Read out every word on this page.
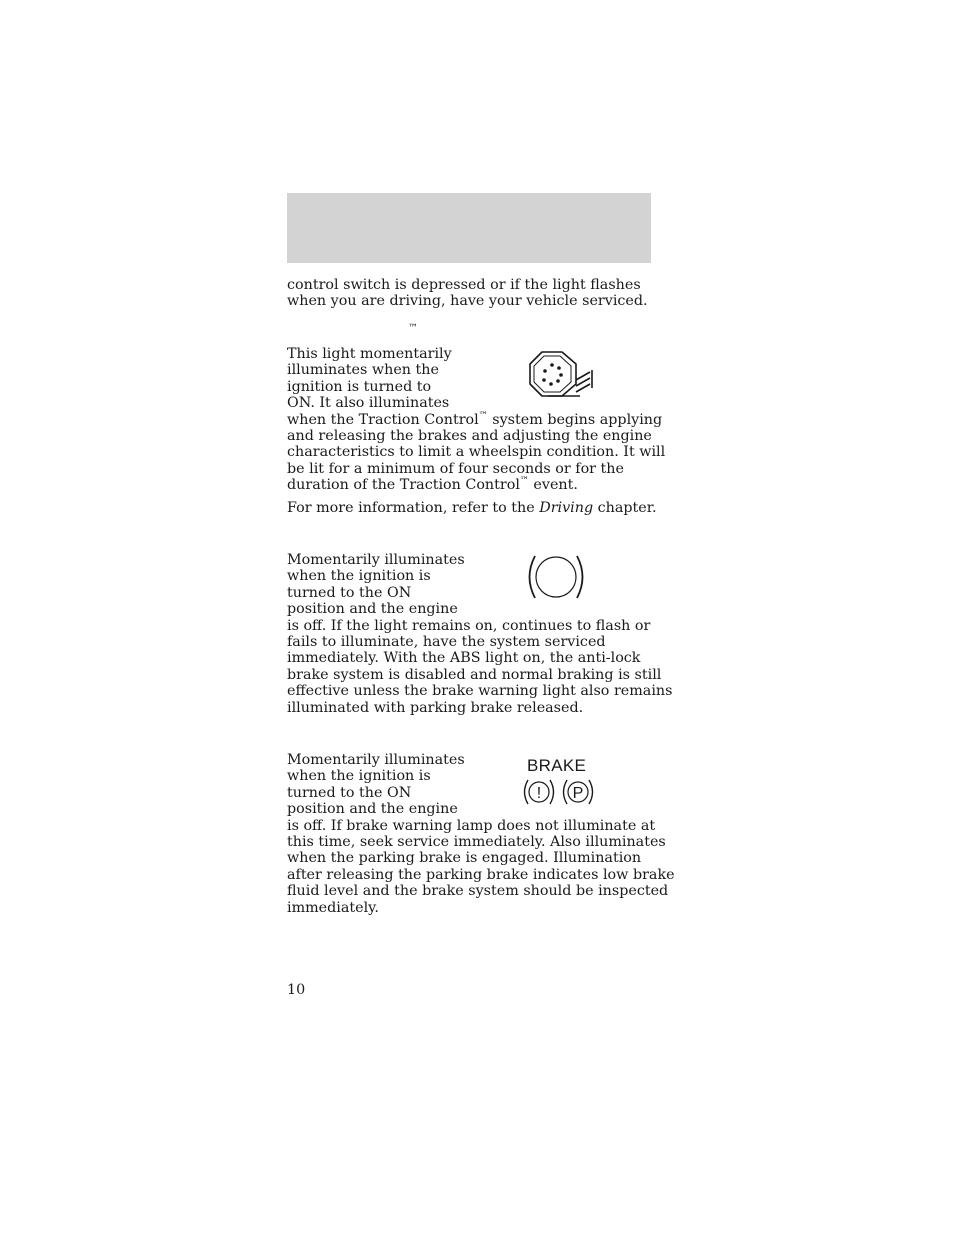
control switch is depressed or if the light flashes
when you are driving, have your vehicle serviced.

™

This light momentarily
illuminates when the
ignition is turned to
ON. It also illuminates
when the Traction Control™ system begins applying
and releasing the brakes and adjusting the engine
characteristics to limit a wheelspin condition. It will
be lit for a minimum of four seconds or for the
duration of the Traction Control™ event.

For more information, refer to the Driving chapter.

Momentarily illuminates
when the ignition is
turned to the ON
position and the engine
is off. If the light remains on, continues to flash or
fails to illuminate, have the system serviced
immediately. With the ABS light on, the anti-lock
brake system is disabled and normal braking is still
effective unless the brake warning light also remains
illuminated with parking brake released.

Momentarily illuminates
when the ignition is
turned to the ON
position and the engine
is off. If brake warning lamp does not illuminate at
this time, seek service immediately. Also illuminates
when the parking brake is engaged. Illumination
after releasing the parking brake indicates low brake
fluid level and the brake system should be inspected
immediately.

BRAKE
! P
10
